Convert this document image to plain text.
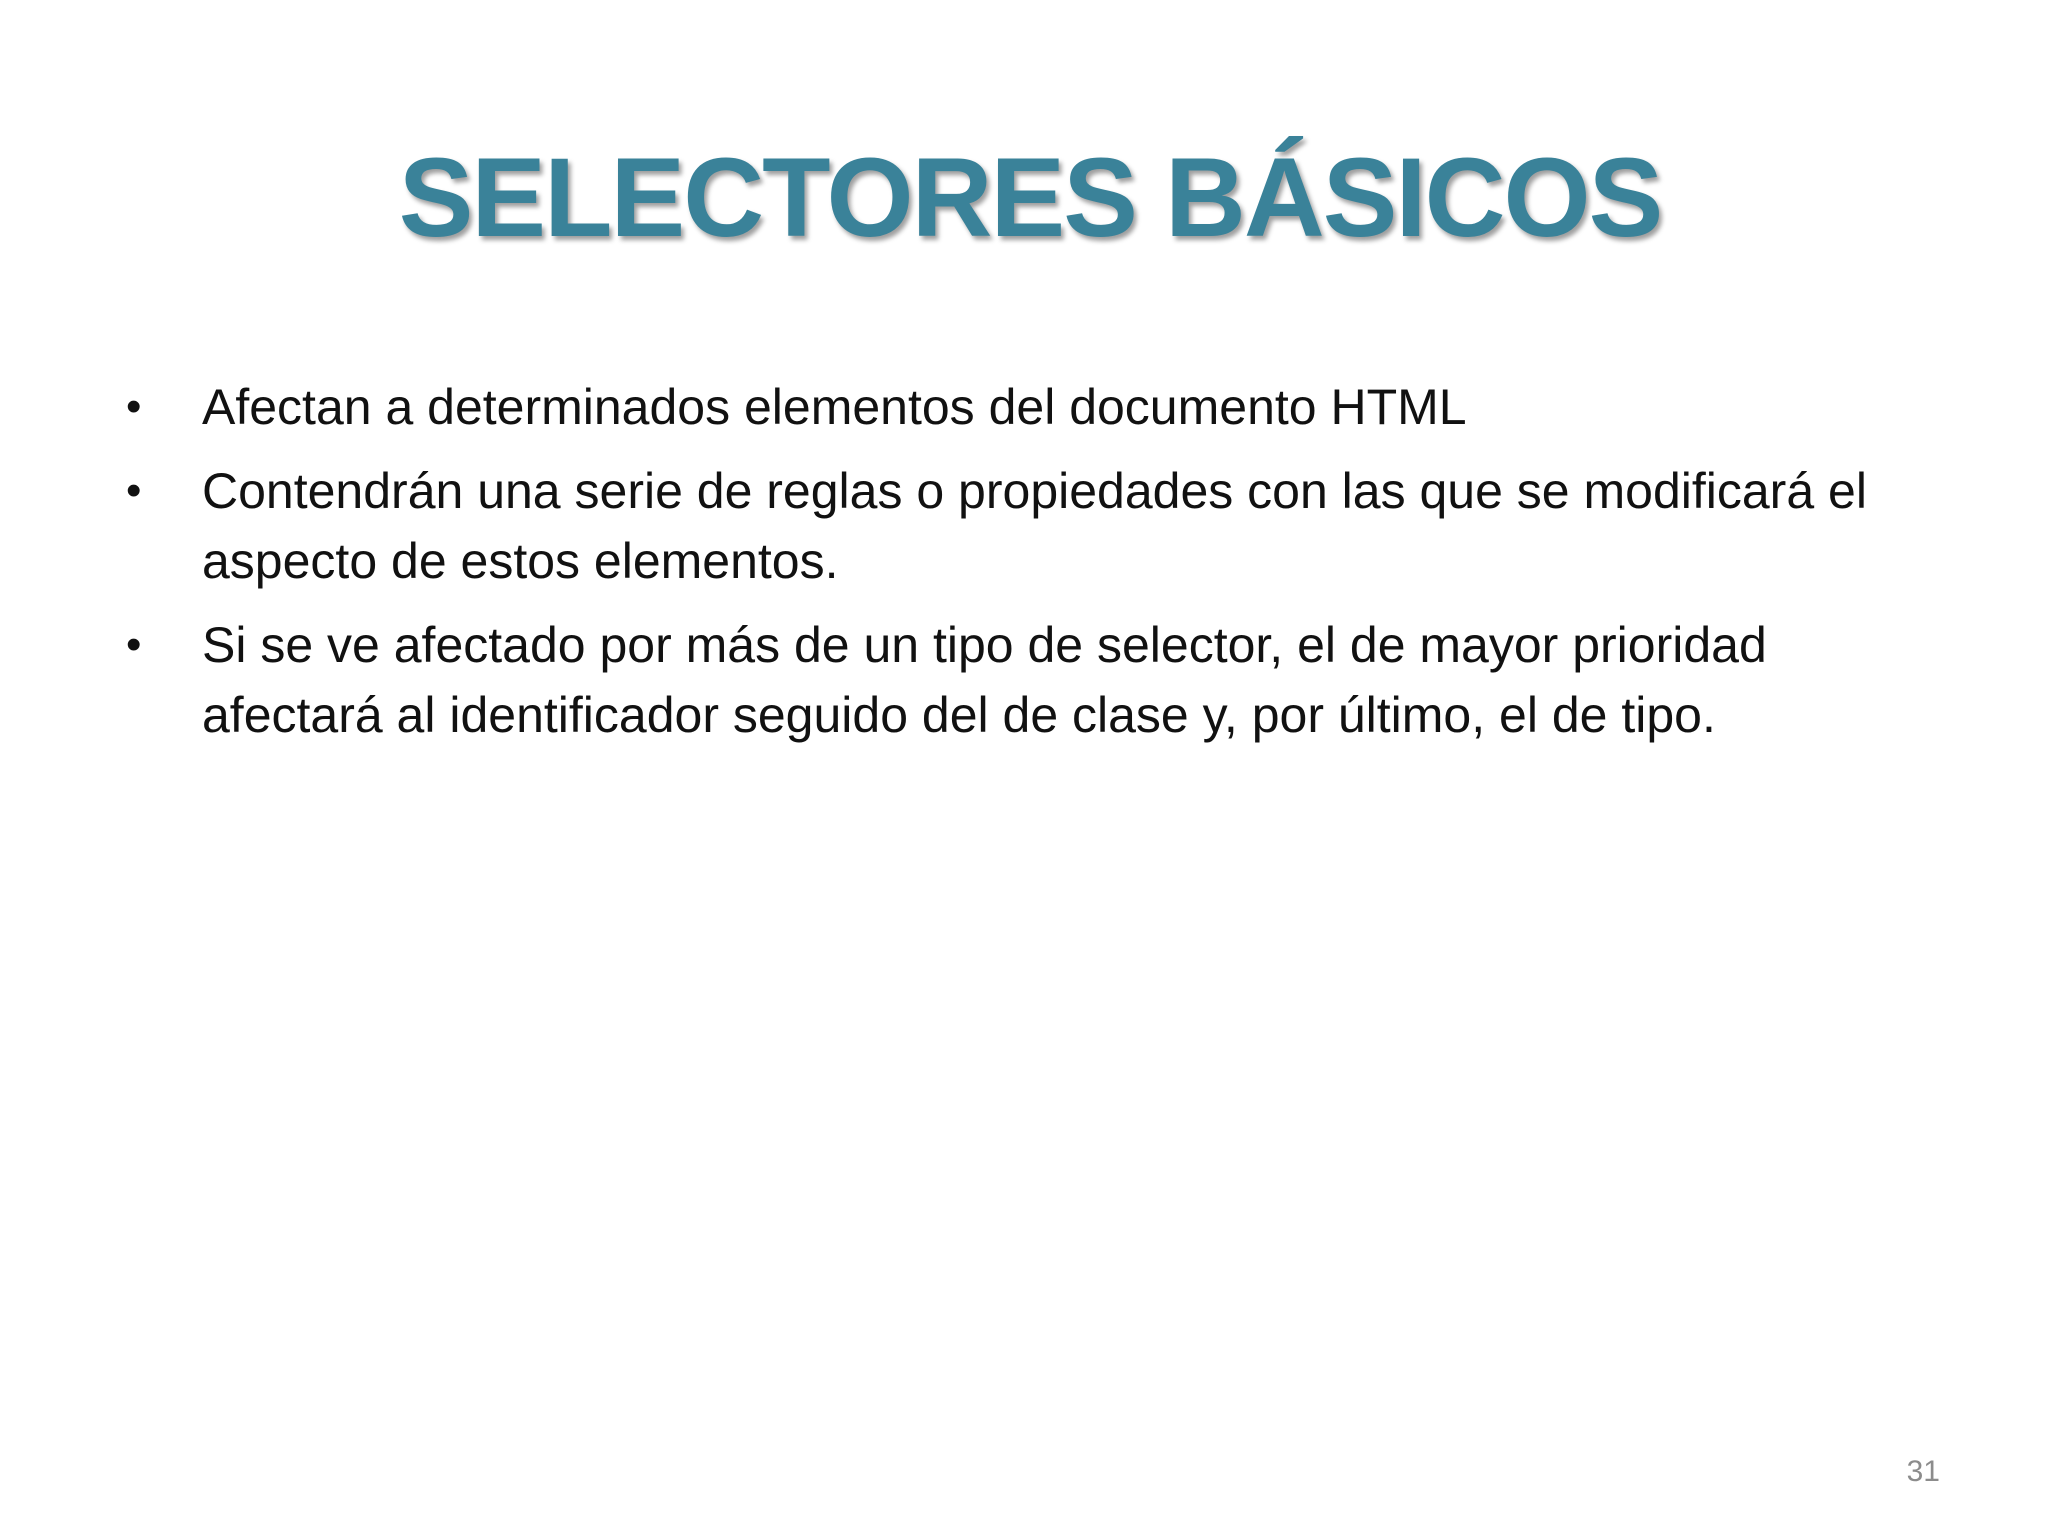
SELECTORES BÁSICOS
• Afectan a determinados elementos del documento HTML
• Contendrán una serie de reglas o propiedades con las que se modificará el aspecto de estos elementos.
• Si se ve afectado por más de un tipo de selector, el de mayor prioridad afectará al identificador seguido del de clase y, por último, el de tipo.
31
